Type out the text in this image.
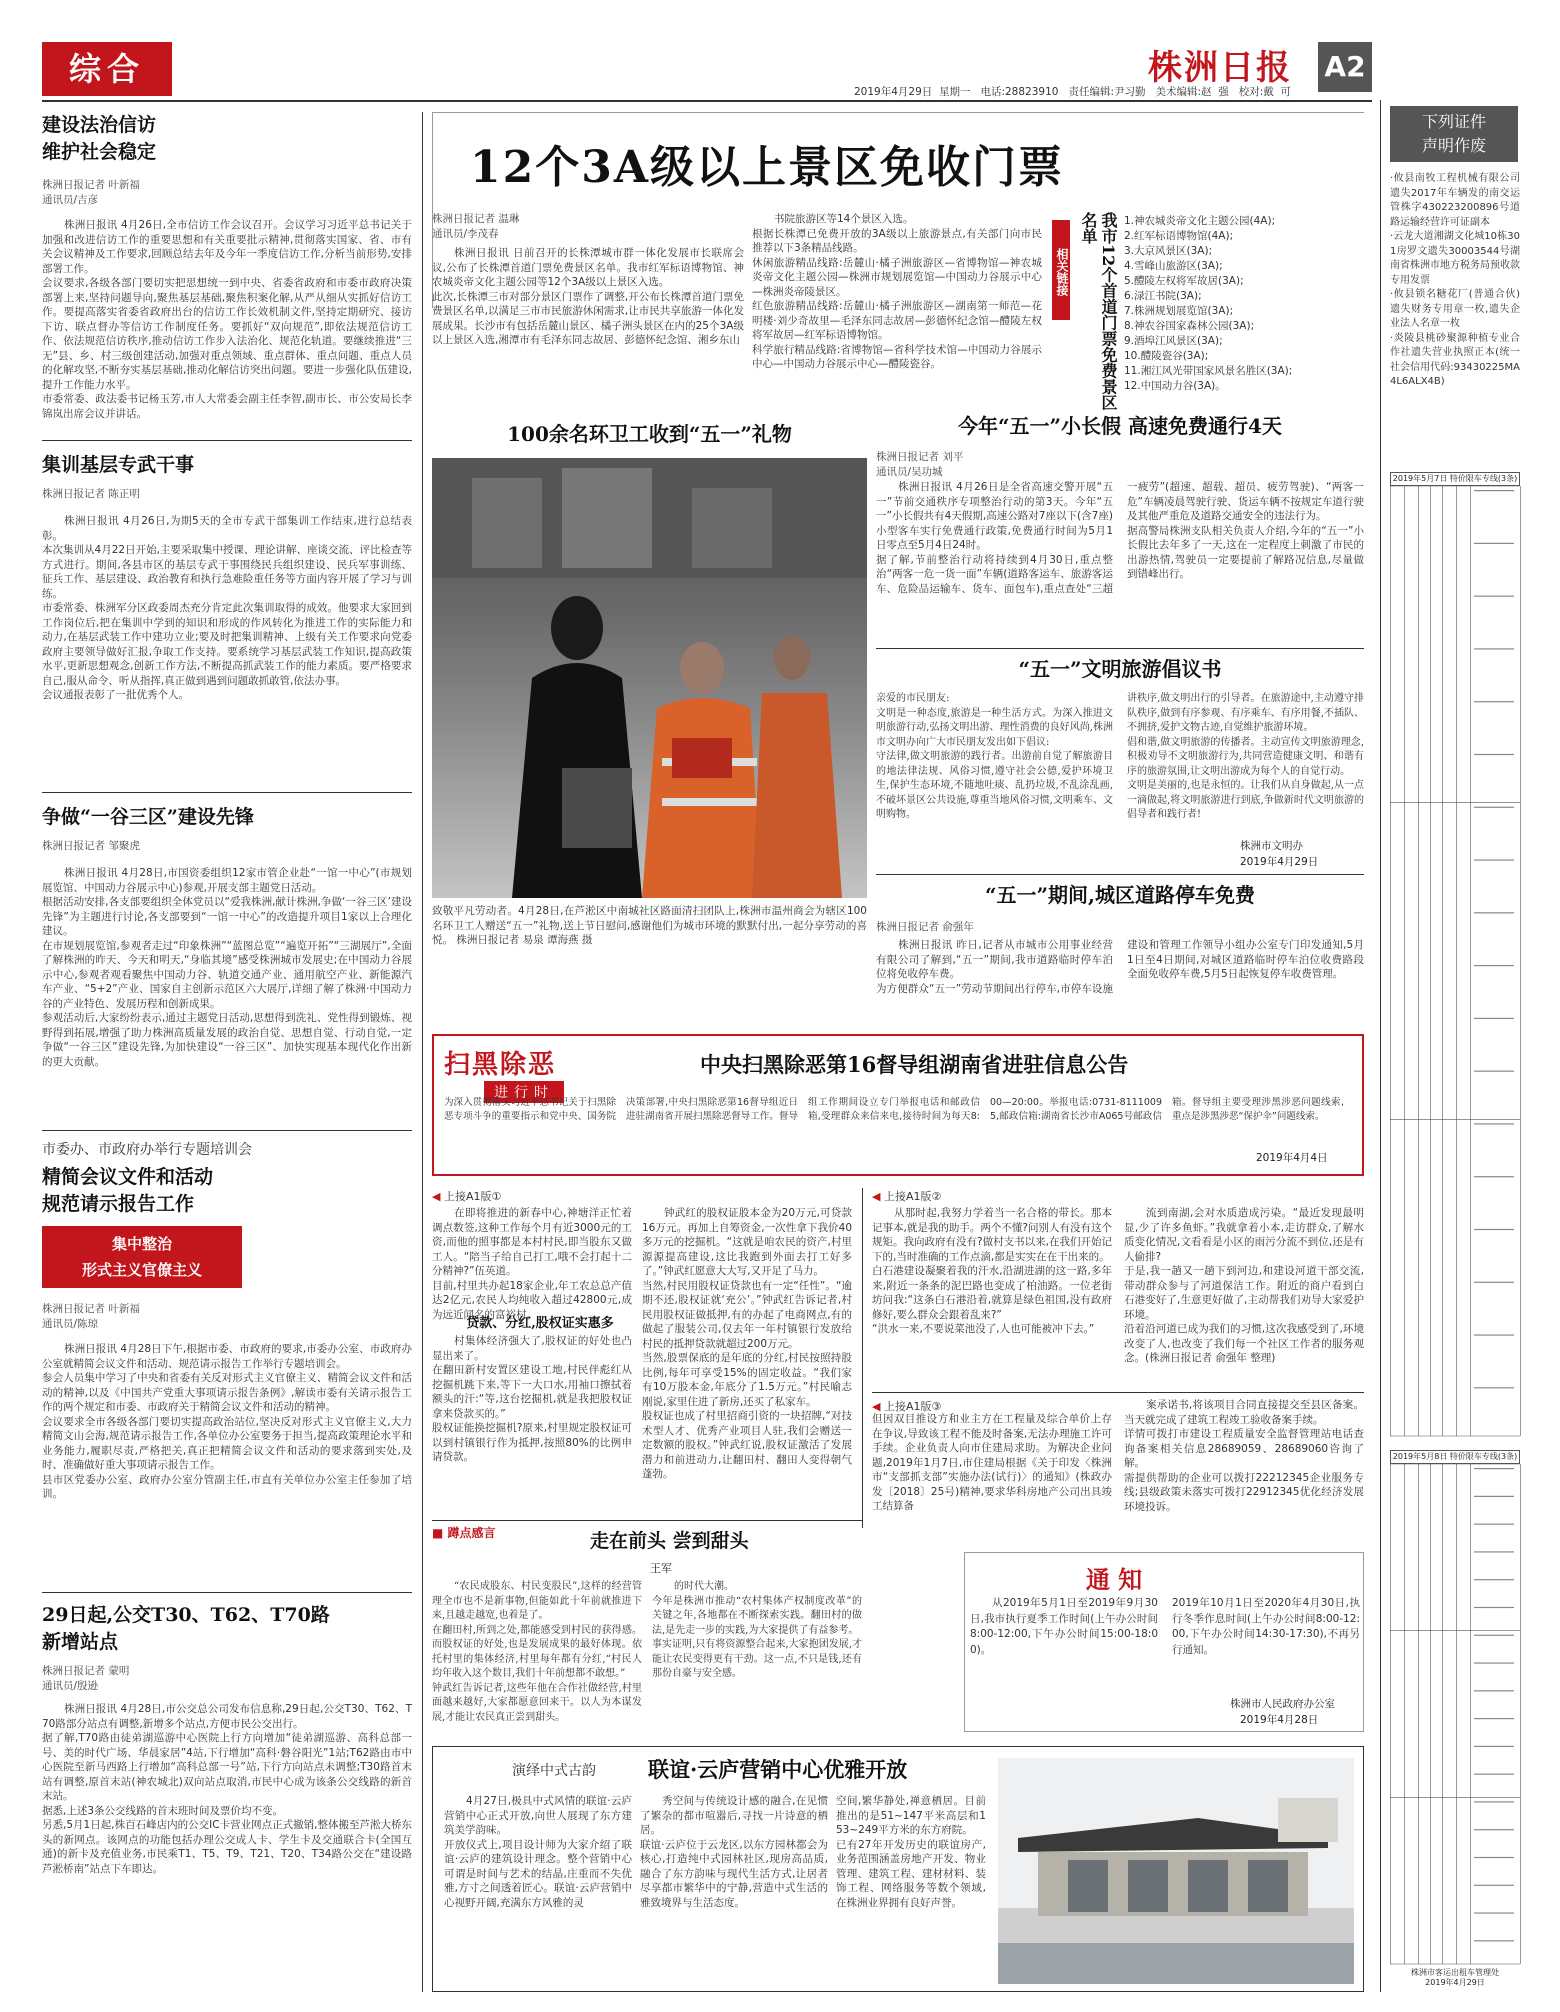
综合	株洲日报 A2
2019年4月29日  星期一   电话:28823910   责任编辑:尹习勤   美术编辑:赵  强   校对:戴  可
建设法治信访
维护社会稳定
株洲日报记者 叶新福
通讯员/吉彦
株洲日报讯 4月26日,全市信访工作会议召开。会议学习习近平总书记关于加强和改进信访工作的重要思想和有关重要批示精神,贯彻落实国家、省、市有关会议精神及工作要求,回顾总结去年及今年一季度信访工作,分析当前形势,安排部署工作。
会议要求,各级各部门要切实把思想统一到中央、省委省政府和市委市政府决策部署上来,坚持问题导向,聚焦基层基础,聚焦积案化解,从严从细从实抓好信访工作。要提高落实省委省政府出台的信访工作长效机制文件,坚持定期研究、接访下访、联点督办等信访工作制度任务。要抓好“双向规范”,即依法规范信访工作、依法规范信访秩序,推动信访工作步入法治化、规范化轨道。要继续推进“三无”县、乡、村三级创建活动,加强对重点领域、重点群体、重点问题、重点人员的化解攻坚,不断夯实基层基础,推动化解信访突出问题。要进一步强化队伍建设,提升工作能力水平。
市委常委、政法委书记杨玉芳,市人大常委会副主任李智,副市长、市公安局长李锦岚出席会议并讲话。
集训基层专武干事
株洲日报记者 陈正明
株洲日报讯 4月26日,为期5天的全市专武干部集训工作结束,进行总结表彰。
本次集训从4月22日开始,主要采取集中授课、理论讲解、座谈交流、评比检查等方式进行。期间,各县市区的基层专武干事围绕民兵组织建设、民兵军事训练、征兵工作、基层建设、政治教育和执行急难险重任务等方面内容开展了学习与训练。
市委常委、株洲军分区政委周杰充分肯定此次集训取得的成效。他要求大家回到工作岗位后,把在集训中学到的知识和形成的作风转化为推进工作的实际能力和动力,在基层武装工作中建功立业;要及时把集训精神、上级有关工作要求向党委政府主要领导做好汇报,争取工作支持。要系统学习基层武装工作知识,提高政策水平,更新思想观念,创新工作方法,不断提高抓武装工作的能力素质。要严格要求自己,服从命令、听从指挥,真正做到遇到问题敢抓敢管,依法办事。
会议通报表彰了一批优秀个人。
争做“一谷三区”建设先锋
株洲日报记者 邹聚虎
株洲日报讯 4月28日,市国资委组织12家市管企业赴“一馆一中心”(市规划展览馆、中国动力谷展示中心)参观,开展支部主题党日活动。
根据活动安排,各支部要组织全体党员以“爱我株洲,献计株洲,争做‘一谷三区’建设先锋”为主题进行讨论,各支部要到“一馆一中心”的改造提升项目1家以上合理化建议。
在市规划展览馆,参观者走过“印象株洲”“蓝图总览”“遍览开拓”“三湖展厅”,全面了解株洲的昨天、今天和明天,“身临其境”感受株洲城市发展史;在中国动力谷展示中心,参观者观看聚焦中国动力谷、轨道交通产业、通用航空产业、新能源汽车产业、“5+2”产业、国家自主创新示范区六大展厅,详细了解了株洲·中国动力谷的产业特色、发展历程和创新成果。
参观活动后,大家纷纷表示,通过主题党日活动,思想得到洗礼、党性得到锻炼、视野得到拓展,增强了助力株洲高质量发展的政治自觉、思想自觉、行动自觉,一定争做“一谷三区”建设先锋,为加快建设“一谷三区”、加快实现基本现代化作出新的更大贡献。
市委办、市政府办举行专题培训会
精简会议文件和活动
规范请示报告工作
集中整治
形式主义官僚主义
株洲日报记者 叶新福
通讯员/陈琼
株洲日报讯 4月28日下午,根据市委、市政府的要求,市委办公室、市政府办公室就精简会议文件和活动、规范请示报告工作举行专题培训会。
参会人员集中学习了中央和省委有关反对形式主义官僚主义、精简会议文件和活动的精神,以及《中国共产党重大事项请示报告条例》,解读市委有关请示报告工作的两个规定和市委、市政府关于精简会议文件和活动的精神。
会议要求全市各级各部门要切实提高政治站位,坚决反对形式主义官僚主义,大力精简文山会海,规范请示报告工作,各单位办公室要务于担当,提高政策理论水平和业务能力,履职尽责,严格把关,真正把精简会议文件和活动的要求落到实处,及时、准确做好重大事项请示报告工作。
县市区党委办公室、政府办公室分管副主任,市直有关单位办公室主任参加了培训。
29日起,公交T30、T62、T70路
新增站点
株洲日报记者 蒙明
通讯员/殷逊
株洲日报讯 4月28日,市公交总公司发布信息称,29日起,公交T30、T62、T70路部分站点有调整,新增多个站点,方便市民公交出行。
据了解,T70路由徒弟湖巡游中心医院上行方向增加“徒弟湖巡游、高科总部一号、美的时代广场、华晨家居”4站,下行增加“高科·磐谷阳光”1站;T62路由市中心医院至新马西路上行增加“高科总部一号”站,下行方向站点未调整;T30路首末站有调整,原首末站(神农城北)双向站点取消,市民中心成为该条公交线路的新首末站。
据悉,上述3条公交线路的首末班时间及票价均不变。
另悉,5月1日起,株百石峰店内的公交IC卡营业网点正式撤销,整体搬至芦淞大桥东头的新网点。该网点的功能包括办理公交成人卡、学生卡及交通联合卡(全国互通)的新卡及充值业务,市民乘T1、T5、T9、T21、T20、T34路公交在“建设路芦淞桥南”站点下车即达。
12个3A级以上景区免收门票
株洲日报记者 温琳
通讯员/李茂春
株洲日报讯 日前召开的长株潭城市群一体化发展市长联席会议,公布了长株潭首道门票免费景区名单。我市红军标语博物馆、神农城炎帝文化主题公园等12个3A级以上景区入选。
此次,长株潭三市对部分景区门票作了调整,开公布长株潭首道门票免费景区名单,以满足三市市民旅游休闲需求,让市民共享旅游一体化发展成果。长沙市有包括岳麓山景区、橘子洲头景区在内的25个3A级以上景区入选,湘潭市有毛泽东同志故居、彭德怀纪念馆、湘乡东山
书院旅游区等14个景区入选。
根据长株潭已免费开放的3A级以上旅游景点,有关部门向市民推荐以下3条精品线路。
休闲旅游精品线路:岳麓山·橘子洲旅游区—省博物馆—神农城炎帝文化主题公园—株洲市规划展览馆—中国动力谷展示中心—株洲炎帝陵景区。
红色旅游精品线路:岳麓山·橘子洲旅游区—湖南第一师范—花明楼·刘少奇故里—毛泽东同志故居—彭德怀纪念馆—醴陵左权将军故居—红军标语博物馆。
科学旅行精品线路:省博物馆—省科学技术馆—中国动力谷展示中心—中国动力谷展示中心—醴陵瓷谷。
相关链接	我市12个首道门票免费景区名单	1.神农城炎帝文化主题公园(4A);
2.红军标语博物馆(4A);
3.大京风景区(3A);
4.雪峰山旅游区(3A);
5.醴陵左权将军故居(3A);
6.渌江书院(3A);
7.株洲规划展览馆(3A);
8.神农谷国家森林公园(3A);
9.酒埠江风景区(3A);
10.醴陵瓷谷(3A);
11.湘江风光带国家风景名胜区(3A);
12.中国动力谷(3A)。
100余名环卫工收到“五一”礼物
致敬平凡劳动者。4月28日,在芦淞区中南城社区路面清扫团队上,株洲市温州商会为辖区100名环卫工人赠送“五一”礼物,送上节日慰问,感谢他们为城市环境的默默付出,一起分享劳动的喜悦。 株洲日报记者 易泉 谭海燕 摄
今年“五一”小长假 高速免费通行4天
株洲日报记者 刘平
通讯员/吴功城
株洲日报讯 4月26日是全省高速交警开展“五一”节前交通秩序专项整治行动的第3天。今年“五一”小长假共有4天假期,高速公路对7座以下(含7座)小型客车实行免费通行政策,免费通行时间为5月1日零点至5月4日24时。
据了解,节前整治行动将持续到4月30日,重点整治“两客一危一货一面”车辆(道路客运车、旅游客运车、危险品运输车、货车、面包车),重点查处“三超一疲劳”(超速、超载、超员、疲劳驾驶)、“两客一危”车辆凌晨驾驶行驶、货运车辆不按规定车道行驶及其他严重危及道路交通安全的违法行为。
据高警局株洲支队相关负责人介绍,今年的“五一”小长假比去年多了一天,这在一定程度上刺激了市民的出游热情,驾驶员一定要提前了解路况信息,尽量做到错峰出行。
“五一”文明旅游倡议书
亲爱的市民朋友:
文明是一种态度,旅游是一种生活方式。为深入推进文明旅游行动,弘扬文明出游、理性消费的良好风尚,株洲市文明办向广大市民朋友发出如下倡议:
守法律,做文明旅游的践行者。出游前自觉了解旅游目的地法律法规、风俗习惯,遵守社会公德,爱护环境卫生,保护生态环境,不随地吐痰、乱扔垃圾,不乱涂乱画,不破坏景区公共设施,尊重当地风俗习惯,文明乘车、文明购物。
讲秩序,做文明出行的引导者。在旅游途中,主动遵守排队秩序,做到有序参观、有序乘车、有序用餐,不插队、不拥挤,爱护文物古迹,自觉维护旅游环境。
倡和谐,做文明旅游的传播者。主动宣传文明旅游理念,积极劝导不文明旅游行为,共同营造健康文明、和谐有序的旅游氛围,让文明出游成为每个人的自觉行动。
文明是美丽的,也是永恒的。让我们从自身做起,从一点一滴做起,将文明旅游进行到底,争做新时代文明旅游的倡导者和践行者!
株洲市文明办
2019年4月29日
“五一”期间,城区道路停车免费
株洲日报记者 俞强年
株洲日报讯 昨日,记者从市城市公用事业经营有限公司了解到,“五一”期间,我市道路临时停车泊位将免收停车费。
为方便群众“五一”劳动节期间出行停车,市停车设施建设和管理工作领导小组办公室专门印发通知,5月1日至4日期间,对城区道路临时停车泊位收费路段全面免收停车费,5月5日起恢复停车收费管理。
扫黑除恶
进行时
中央扫黑除恶第16督导组湖南省进驻信息公告
为深入贯彻落实习近平总书记关于扫黑除恶专项斗争的重要指示和党中央、国务院决策部署,中央扫黑除恶第16督导组近日进驻湖南省开展扫黑除恶督导工作。督导组工作期间设立专门举报电话和邮政信箱,受理群众来信来电,接待时间为每天8:00—20:00。举报电话:0731-81110095,邮政信箱:湖南省长沙市A065号邮政信箱。督导组主要受理涉黑涉恶问题线索,重点是涉黑涉恶“保护伞”问题线索。
2019年4月4日
◀ 上接A1版①
在即将推进的新春中心,神塘洋正忙着调点数签,这种工作每个月有近3000元的工资,而他的照事都是本村村民,即当股东又做工人。“陪当子给自己打工,哦不会打起十二分精神?”伍英道。
目前,村里共办起18家企业,年工农总总产值达2亿元,农民人均纯收入超过42800元,成为远近闻名的富裕村。
贷款、分红,股权证实惠多
村集体经济强大了,股权证的好处也凸显出来了。
在翻田新村安置区建设工地,村民伴彪红从挖掘机跳下来,等下一大口水,用袖口擦拭着额头的汗:“等,这台挖掘机,就是我把股权证拿来贷款买的。”
股权证能换挖掘机?原来,村里规定股权证可以到村镇银行作为抵押,按照80%的比例申请贷款。
钟武红的股权证股本金为20万元,可贷款16万元。再加上自筹资金,一次性拿下我价40多万元的挖掘机。“这就是咱农民的资产,村里源源提高建设,这比我跑到外面去打工好多了。”钟武红愿意大大写,又开足了马力。
当然,村民用股权证贷款也有一定“任性”。“逾期不还,股权证就‘充公’。”钟武红告诉记者,村民用股权证做抵押,有的办起了电商网点,有的做起了服装公司,仅去年一年村镇银行发放给村民的抵押贷款就超过200万元。
当然,股票保底的是年底的分红,村民按照持股比例,每年可享受15%的固定收益。“我们家有10万股本金,年底分了1.5万元。”村民喻志刚说,家里住进了新房,还买了私家车。
股权证也成了村里招商引资的一块招牌,“对技术型人才、优秀产业项目人驻,我们会赠送一定数额的股权。”钟武红说,股权证激活了发展潜力和前进动力,让翻田村、翻田人变得朝气蓬勃。
◀ 上接A1版②
从那时起,我努力学着当一名合格的带长。那本记事本,就是我的助手。两个不懂?问别人有没有这个规矩。我向政府有没有?做村支书以来,在我们开始记下的,当时准确的工作点滴,都是实实在在干出来的。
白石港建设凝聚着我的汗水,沿湖进湖的这一路,多年来,附近一条条的泥巴路也变成了柏油路。一位老街坊问我:“这条白石港沿着,就算是绿色祖国,没有政府修好,要么群众会跟着乱来?”
“洪水一来,不要说菜池没了,人也可能被冲下去。”
流到南湖,会对水质造成污染。“最近发现最明显,少了许多鱼虾。”我就拿着小本,走访群众,了解水质变化情况,文看看是小区的雨污分流不到位,还是有人偷排?
于是,我一趟又一趟下到河边,和建设河道干部交流,带动群众参与了河道保洁工作。附近的商户看到白石港变好了,生意更好做了,主动帮我们劝导大家爱护环境。
沿着沿河道已成为我们的习惯,这次我感受到了,环境改变了人,也改变了我们每一个社区工作者的服务观念。(株洲日报记者 俞强年 整理)
◀ 上接A1版③
但因双目推设方和业主方在工程量及综合单价上存在争议,导致该工程不能及时备案,无法办理施工许可手续。企业负责人向市住建局求助。为解决企业问题,2019年1月7日,市住建局根据《关于印发〈株洲市“支部抓支部”实施办法(试行)〉的通知》(株政办发〔2018〕25号)精神,要求华科房地产公司出具竣工结算备
案承诺书,将该项目合同直接提交至县区备案。当天就完成了建筑工程竣工验收备案手续。
详情可拨打市建设工程质量安全监督管理站电话查询备案相关信息28689059、28689060咨询了解。
需提供帮助的企业可以拨打22212345企业服务专线;县级政策未落实可拨打22912345优化经济发展环境投诉。
■ 蹲点感言	走在前头 尝到甜头
王军
“农民成股东、村民变股民”,这样的经营管理全市也不是新事物,但能如此十年前就推进下来,且越走越宽,也着是了。
在翻田村,所到之处,都能感受到村民的获得感。而股权证的好处,也是发展成果的最好体现。依托村里的集体经济,村里每年都有分红,“村民人均年收入这个数目,我们十年前想都不敢想。”
钟武红告诉记者,这些年他在合作社做经营,村里面越来越好,大家都愿意回来干。以人为本谋发展,才能让农民真正尝到甜头。
的时代大潮。
今年是株洲市推动“农村集体产权制度改革”的关键之年,各地都在不断探索实践。翻田村的做法,是先走一步的实践,为大家提供了有益参考。
事实证明,只有将资源整合起来,大家抱团发展,才能让农民变得更有干劲。这一点,不只是钱,还有那份自豪与安全感。
通 知
从2019年5月1日至2019年9月30日,我市执行夏季工作时间(上午办公时间8:00-12:00,下午办公时间15:00-18:00)。
2019年10月1日至2020年4月30日,执行冬季作息时间(上午办公时间8:00-12:00,下午办公时间14:30-17:30),不再另行通知。
株洲市人民政府办公室
2019年4月28日
演绎中式古韵 联谊·云庐营销中心优雅开放
4月27日,极具中式风情的联谊·云庐营销中心正式开放,向世人展现了东方建筑美学韵味。
开放仪式上,项目设计师为大家介绍了联谊·云庐的建筑设计理念。整个营销中心可谓是时间与艺术的结晶,庄重而不失优雅,方寸之间透着匠心。联谊·云庐营销中心视野开阔,充满东方风雅的灵
秀空间与传统设计感的融合,在见惯了繁杂的都市喧嚣后,寻找一片诗意的栖居。
联谊·云庐位于云龙区,以东方园林都会为核心,打造纯中式园林社区,现房高品质,融合了东方韵味与现代生活方式,让居者尽享都市繁华中的宁静,营造中式生活的雅致境界与生活态度。
空间,繁华静处,禅意栖居。目前推出的是51~147平米高层和153~249平方米的东方府院。
已有27年开发历史的联谊房产,业务范围涵盖房地产开发、物业管理、建筑工程、建材材料、装饰工程、网络服务等数个领域,在株洲业界拥有良好声誉。
下列证件
声明作废
·攸县南牧工程机械有限公司遗失2017年车辆发的南交运管株字430223200896号道路运输经营许可证副本
·云龙大道湘湖文化城10栋301房罗文遗失30003544号湖南省株洲市地方税务局预收款专用发票
·攸县锁名糖花厂(普通合伙)遗失财务专用章一枚,遗失企业法人名章一枚
·炎陵县桃砂聚源种植专业合作社遗失营业执照正本(统一社会信用代码:93430225MA4L6ALX4B)
2019年5月7日 特价限车专线(3条)
2019年5月8日 特价限车专线(3条)
株洲市客运出租车管理处
2019年4月29日
